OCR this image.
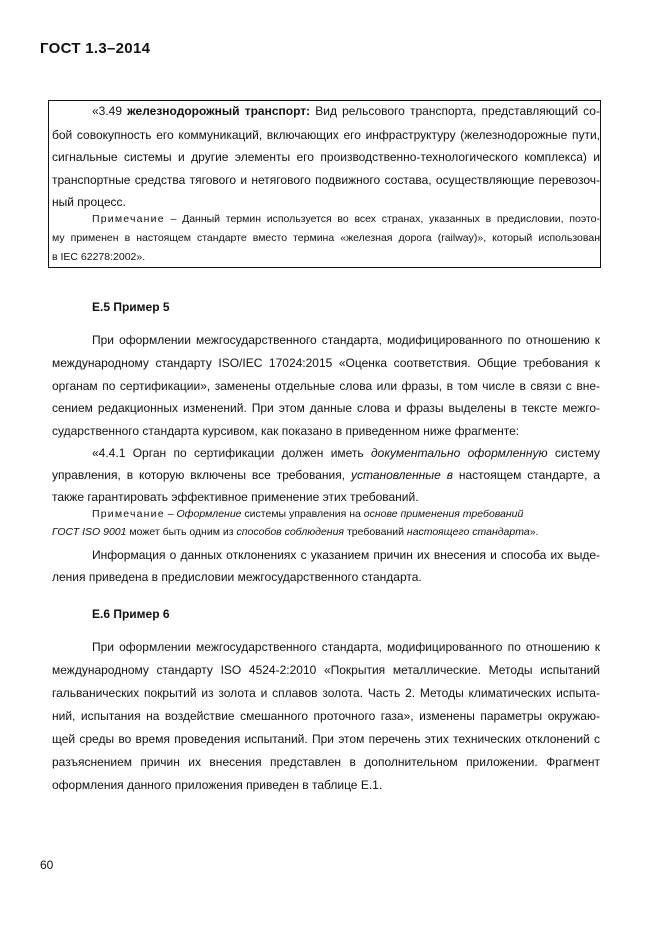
ГОСТ 1.3–2014
«3.49 железнодорожный транспорт: Вид рельсового транспорта, представляющий со-
бой совокупность его коммуникаций, включающих его инфраструктуру (железнодорожные пути,
сигнальные системы и другие элементы его производственно-технологического комплекса) и
транспортные средства тягового и нетягового подвижного состава, осуществляющие перевозоч-
ный процесс.
Примечание – Данный термин используется во всех странах, указанных в предисловии, поэто-
му применен в настоящем стандарте вместо термина «железная дорога (railway)», который использован
в IEC 62278:2002».
Е.5 Пример 5
При оформлении межгосударственного стандарта, модифицированного по отношению к
международному стандарту ISO/IEC 17024:2015 «Оценка соответствия. Общие требования к
органам по сертификации», заменены отдельные слова или фразы, в том числе в связи с вне-
сением редакционных изменений. При этом данные слова и фразы выделены в тексте межго-
сударственного стандарта курсивом, как показано в приведенном ниже фрагменте:
«4.4.1 Орган по сертификации должен иметь документально оформленную систему
управления, в которую включены все требования, установленные в настоящем стандарте, а
также гарантировать эффективное применение этих требований.
Примечание – Оформление системы управления на основе применения требований
ГОСТ ISO 9001 может быть одним из способов соблюдения требований настоящего стандарта».
Информация о данных отклонениях с указанием причин их внесения и способа их выде-
ления приведена в предисловии межгосударственного стандарта.
Е.6 Пример 6
При оформлении межгосударственного стандарта, модифицированного по отношению к
международному стандарту ISO 4524-2:2010 «Покрытия металлические. Методы испытаний
гальванических покрытий из золота и сплавов золота. Часть 2. Методы климатических испыта-
ний, испытания на воздействие смешанного проточного газа», изменены параметры окружаю-
щей среды во время проведения испытаний. При этом перечень этих технических отклонений с
разъяснением причин их внесения представлен в дополнительном приложении. Фрагмент
оформления данного приложения приведен в таблице Е.1.
60
